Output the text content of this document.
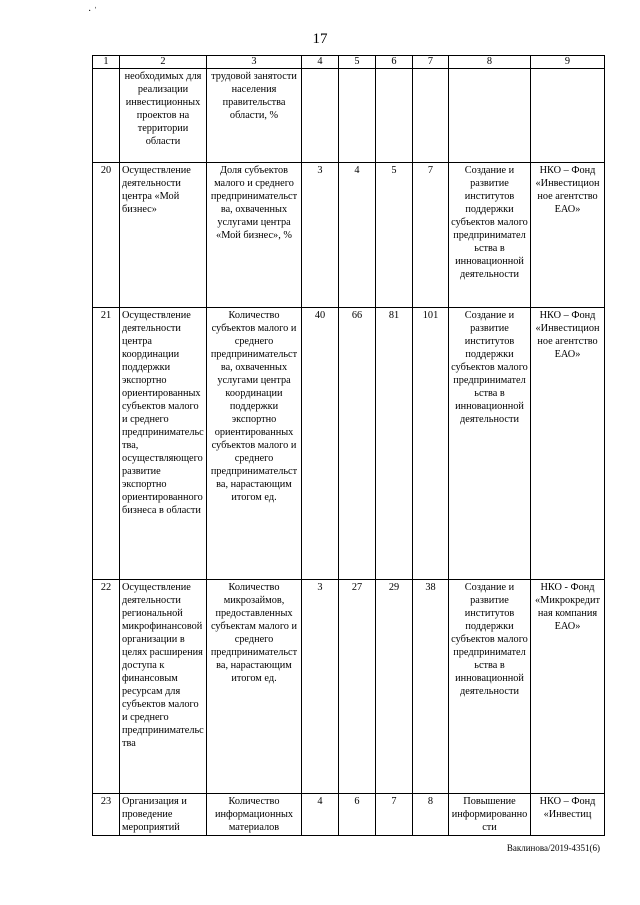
· ˈ
17
1	2	3	4	5	6	7	8	9
	необходимых для реализации инвестиционных проектов на территории области	трудовой занятости населения правительства области, %						
20	Осуществление деятельности центра «Мой бизнес»	Доля субъектов малого и среднего предпринимательства, охваченных услугами центра «Мой бизнес», %	3	4	5	7	Создание и развитие институтов поддержки субъектов малого предпринимательства в инновационной деятельности	НКО – Фонд «Инвестиционное агентство ЕАО»
21	Осуществление деятельности центра координации поддержки экспортно ориентированных субъектов малого и среднего предпринимательства, осуществляющего развитие экспортно ориентированного бизнеса в области	Количество субъектов малого и среднего предпринимательства, охваченных услугами центра координации поддержки экспортно ориентированных субъектов малого и среднего предпринимательства, нарастающим итогом ед.	40	66	81	101	Создание и развитие институтов поддержки субъектов малого предпринимательства в инновационной деятельности	НКО – Фонд «Инвестиционное агентство ЕАО»
22	Осуществление деятельности региональной микрофинансовой организации в целях расширения доступа к финансовым ресурсам для субъектов малого и среднего предпринимательства	Количество микрозаймов, предоставленных субъектам малого и среднего предпринимательства, нарастающим итогом ед.	3	27	29	38	Создание и развитие институтов поддержки субъектов малого предпринимательства в инновационной деятельности	НКО - Фонд «Микрокредитная компания ЕАО»
23	Организация и проведение мероприятий	Количество информационных материалов	4	6	7	8	Повышение информированности	НКО – Фонд «Инвестиц
Ваклинова/2019-4351(6)
